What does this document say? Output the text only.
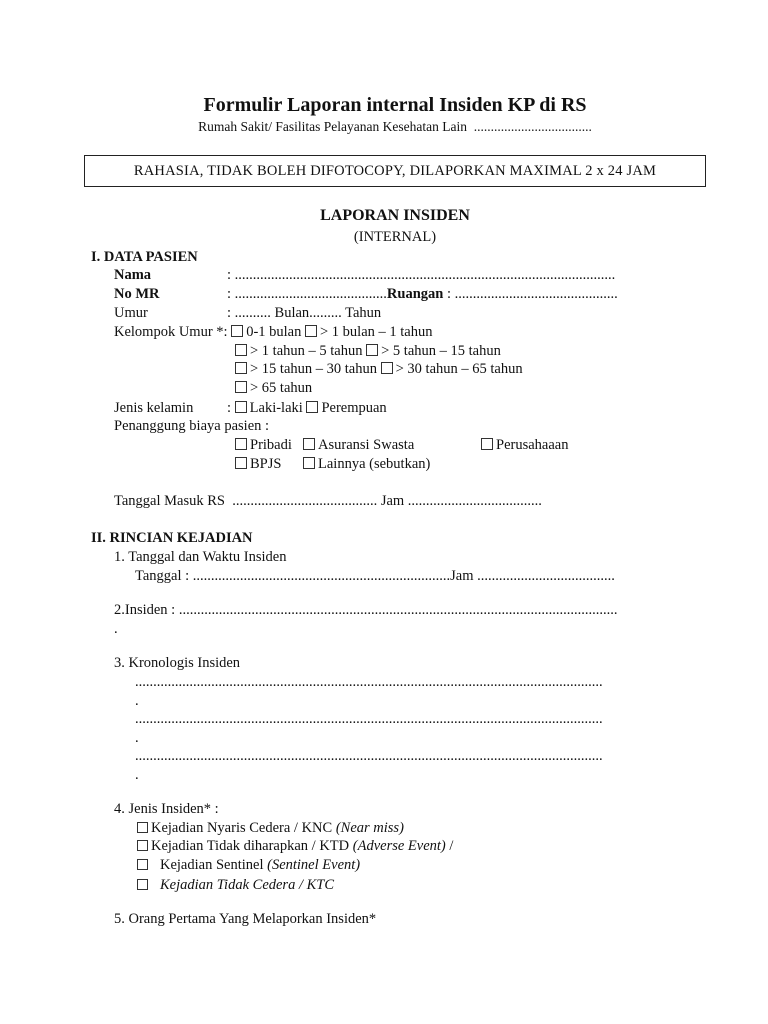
Formulir Laporan internal Insiden KP di RS
Rumah Sakit/ Fasilitas Pelayanan Kesehatan Lain  ...................................
RAHASIA, TIDAK BOLEH DIFOTOCOPY, DILAPORKAN MAXIMAL 2 x 24 JAM
LAPORAN INSIDEN
(INTERNAL)
I. DATA PASIEN
Nama	: .........................................................................................................
No MR	: ..........................................Ruangan : .............................................
Umur	: .......... Bulan......... Tahun
Kelompok Umur *: 0-1 bulan > 1 bulan – 1 tahun
> 1 tahun – 5 tahun > 5 tahun – 15 tahun
> 15 tahun – 30 tahun > 30 tahun – 65 tahun
> 65 tahun
Jenis kelamin : Laki-laki Perempuan
Penanggung biaya pasien :
Pribadi	Asuransi Swasta	Perusahaaan
BPJS	Lainnya (sebutkan)
Tanggal Masuk RS  ........................................ Jam .....................................
II. RINCIAN KEJADIAN
1. Tanggal dan Waktu Insiden
Tanggal : .......................................................................Jam ......................................
2.Insiden : .........................................................................................................................
.
3. Kronologis Insiden
.................................................................................................................................
.
.................................................................................................................................
.
.................................................................................................................................
.
4. Jenis Insiden* :
Kejadian Nyaris Cedera / KNC (Near miss)
Kejadian Tidak diharapkan / KTD (Adverse Event) /
Kejadian Sentinel (Sentinel Event)
Kejadian Tidak Cedera / KTC
5. Orang Pertama Yang Melaporkan Insiden*
